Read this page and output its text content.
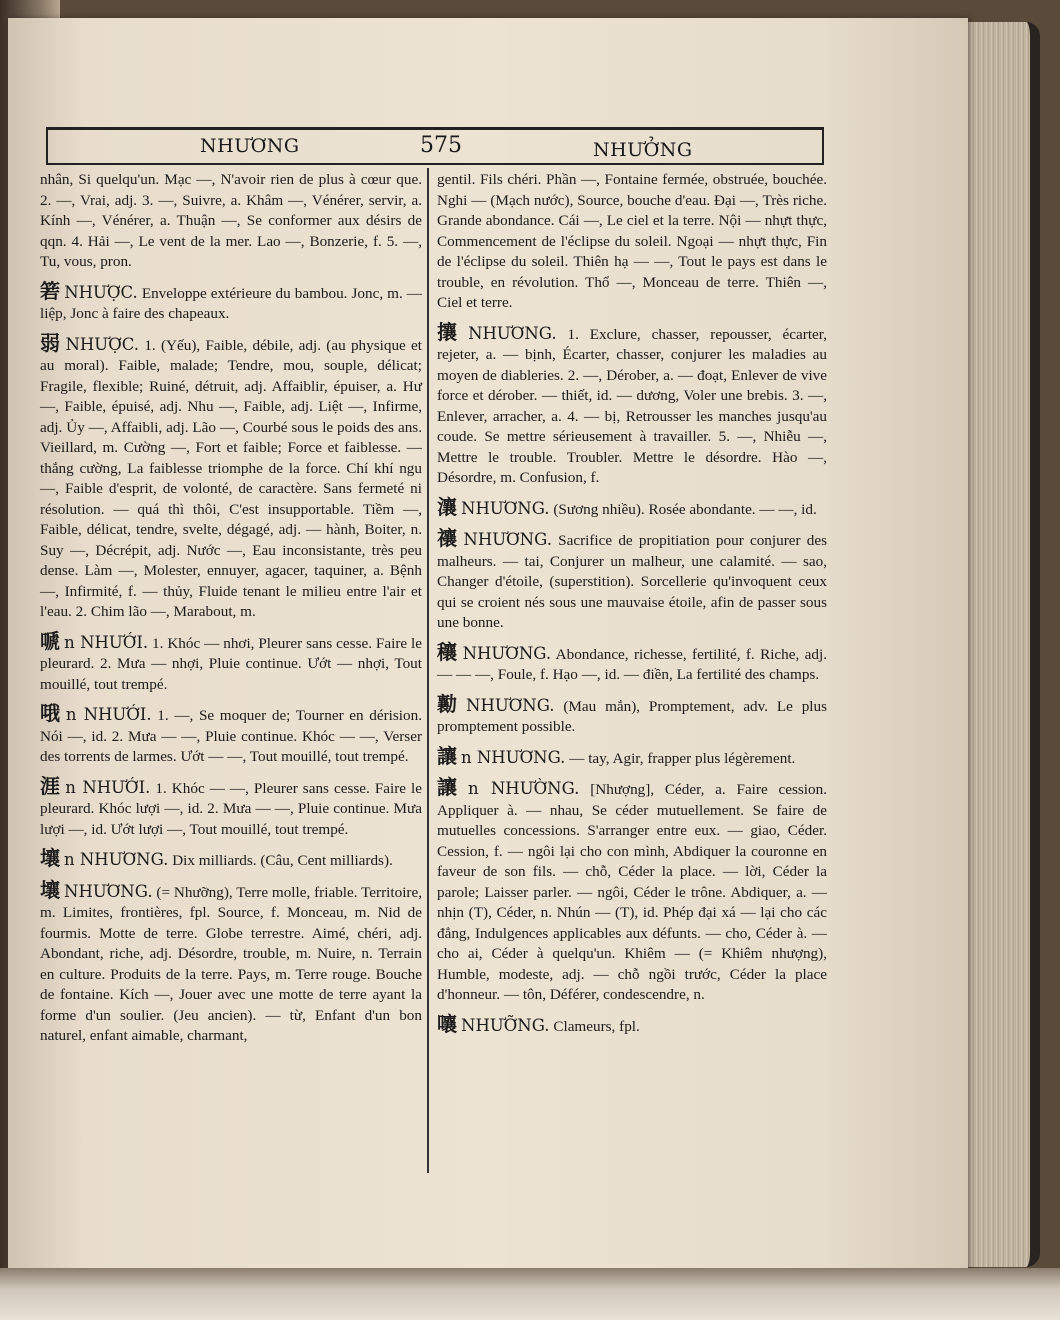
NHƯƠNG	575	NHƯỞNG
nhân, Si quelqu'un. Mạc —, N'avoir rien de plus à cœur que. 2. —, Vrai, adj. 3. —, Suivre, a. Khâm —, Vénérer, servir, a. Kính —, Vénérer, a. Thuận —, Se conformer aux désirs de qqn. 4. Hải —, Le vent de la mer. Lao —, Bonzerie, f. 5. —, Tu, vous, pron.
箬 NHƯỢC. Enveloppe extérieure du bambou. Jonc, m. — liệp, Jonc à faire des chapeaux.
弱 NHƯỢC. 1. (Yếu), Faible, débile, adj. (au physique et au moral). Faible, malade; Tendre, mou, souple, délicat; Fragile, flexible; Ruiné, détruit, adj. Affaiblir, épuiser, a. Hư —, Faible, épuisé, adj. Nhu —, Faible, adj. Liệt —, Infirme, adj. Ủy —, Affaibli, adj. Lão —, Courbé sous le poids des ans. Vieillard, m. Cường —, Fort et faible; Force et faiblesse. — thắng cường, La faiblesse triomphe de la force. Chí khí ngu —, Faible d'esprit, de volonté, de caractère. Sans fermeté ni résolution. — quá thì thôi, C'est insupportable. Tiềm —, Faible, délicat, tendre, svelte, dégagé, adj. — hành, Boiter, n. Suy —, Décrépit, adj. Nước —, Eau inconsistante, très peu dense. Làm —, Molester, ennuyer, agacer, taquiner, a. Bệnh —, Infirmité, f. — thủy, Fluide tenant le milieu entre l'air et l'eau. 2. Chim lão —, Marabout, m.
嗁 n NHƯỚI. 1. Khóc — nhơi, Pleurer sans cesse. Faire le pleurard. 2. Mưa — nhợi, Pluie continue. Ướt — nhợi, Tout mouillé, tout trempé.
哦 n NHƯỚI. 1. —, Se moquer de; Tourner en dérision. Nói —, id. 2. Mưa — —, Pluie continue. Khóc — —, Verser des torrents de larmes. Ướt — —, Tout mouillé, tout trempé.
涯 n NHƯỚI. 1. Khóc — —, Pleurer sans cesse. Faire le pleurard. Khóc lượi —, id. 2. Mưa — —, Pluie continue. Mưa lượi —, id. Ướt lượi —, Tout mouillé, tout trempé.
壤 n NHƯƠNG. Dix milliards. (Câu, Cent milliards).
壤 NHƯƠNG. (= Nhưỡng), Terre molle, friable. Territoire, m. Limites, frontières, fpl. Source, f. Monceau, m. Nid de fourmis. Motte de terre. Globe terrestre. Aimé, chéri, adj. Abondant, riche, adj. Désordre, trouble, m. Nuire, n. Terrain en culture. Produits de la terre. Pays, m. Terre rouge. Bouche de fontaine. Kích —, Jouer avec une motte de terre ayant la forme d'un soulier. (Jeu ancien). — từ, Enfant d'un bon naturel, enfant aimable, charmant,
gentil. Fils chéri. Phần —, Fontaine fermée, obstruée, bouchée. Nghi — (Mạch nước), Source, bouche d'eau. Đại —, Très riche. Grande abondance. Cái —, Le ciel et la terre. Nội — nhựt thực, Commencement de l'éclipse du soleil. Ngoại — nhựt thực, Fin de l'éclipse du soleil. Thiên hạ — —, Tout le pays est dans le trouble, en révolution. Thổ —, Monceau de terre. Thiên —, Ciel et terre.
攘 NHƯƠNG. 1. Exclure, chasser, repousser, écarter, rejeter, a. — bịnh, Écarter, chasser, conjurer les maladies au moyen de diableries. 2. —, Dérober, a. — đoạt, Enlever de vive force et dérober. — thiết, id. — dương, Voler une brebis. 3. —, Enlever, arracher, a. 4. — bị, Retrousser les manches jusqu'au coude. Se mettre sérieusement à travailler. 5. —, Nhiễu —, Mettre le trouble. Troubler. Mettre le désordre. Hào —, Désordre, m. Confusion, f.
瀼 NHƯƠNG. (Sương nhiều). Rosée abondante. — —, id.
禳 NHƯƠNG. Sacrifice de propitiation pour conjurer des malheurs. — tai, Conjurer un malheur, une calamité. — sao, Changer d'étoile, (superstition). Sorcellerie qu'invoquent ceux qui se croient nés sous une mauvaise étoile, afin de passer sous une bonne.
穰 NHƯƠNG. Abondance, richesse, fertilité, f. Riche, adj. — — —, Foule, f. Hạo —, id. — điền, La fertilité des champs.
勷 NHƯƠNG. (Mau mắn), Promptement, adv. Le plus promptement possible.
讓 n NHƯƠNG. — tay, Agir, frapper plus légèrement.
讓 n NHƯỜNG. [Nhượng], Céder, a. Faire cession. Appliquer à. — nhau, Se céder mutuellement. Se faire de mutuelles concessions. S'arranger entre eux. — giao, Céder. Cession, f. — ngôi lại cho con mình, Abdiquer la couronne en faveur de son fils. — chỗ, Céder la place. — lời, Céder la parole; Laisser parler. — ngôi, Céder le trône. Abdiquer, a. — nhịn (T), Céder, n. Nhún — (T), id. Phép đại xá — lại cho các đẳng, Indulgences applicables aux défunts. — cho, Céder à. — cho ai, Céder à quelqu'un. Khiêm — (= Khiêm nhượng), Humble, modeste, adj. — chỗ ngồi trước, Céder la place d'honneur. — tôn, Déférer, condescendre, n.
嚷 NHƯỠNG. Clameurs, fpl.
